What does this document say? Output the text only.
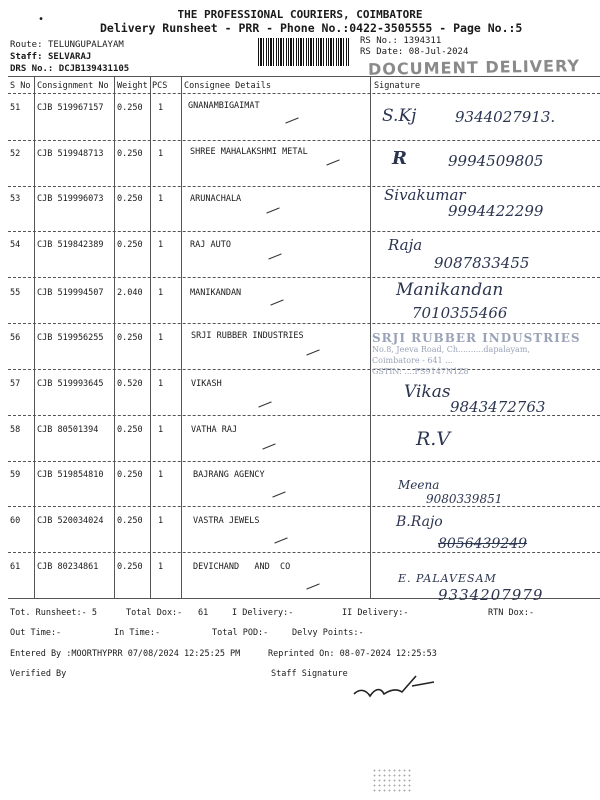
•	THE PROFESSIONAL COURIERS, COIMBATORE
Delivery Runsheet - PRR - Phone No.:0422-3505555 - Page No.:5
Route: TELUNGUPALAYAM
Staff: SELVARAJ
DRS No.: DCJB139431105
RS No.: 1394311
RS Date: 08-Jul-2024
DOCUMENT DELIVERY
S No Consignment No Weight PCS Consignee Details	Signature
51 CJB 519967157 0.250 1	GNANAMBIGAIMAT	S.Kj	9344027913.
52 CJB 519948713 0.250 1	SHREE MAHALAKSHMI METAL	R	9994509805
53 CJB 519996073 0.250 1	ARUNACHALA	Sivakumar
9994422299
54 CJB 519842389 0.250 1	RAJ AUTO	Raja
9087833455
55 CJB 519994507 2.040 1	MANIKANDAN	Manikandan
7010355466
56 CJB 519956255 0.250 1	SRJI RUBBER INDUSTRIES	SRJI RUBBER INDUSTRIES
No.8, Jeeva Road, Ch..........dapalayam,
Coimbatore - 641 ...
GSTIN: ....FS9147N1Z8
57 CJB 519993645 0.520 1	VIKASH	Vikas
9843472763
58 CJB 80501394 0.250 1	VATHA RAJ	R.V
59 CJB 519854810 0.250 1	BAJRANG AGENCY
Meena
9080339851
60 CJB 520034024 0.250 1	VASTRA JEWELS	B.Rajo
8056439249
61 CJB 80234861 0.250 1	DEVICHAND   AND  CO
E. PALAVESAM
9334207979
Tot. Runsheet:- 5	Total Dox:- 61	I Delivery:-	II Delivery:-	RTN Dox:-
Out Time:-	In Time:-	Total POD:-	Delvy Points:-
Entered By :MOORTHYPRR 07/08/2024 12:25:25 PM	Reprinted On: 08-07-2024 12:25:53
Verified By	Staff Signature
